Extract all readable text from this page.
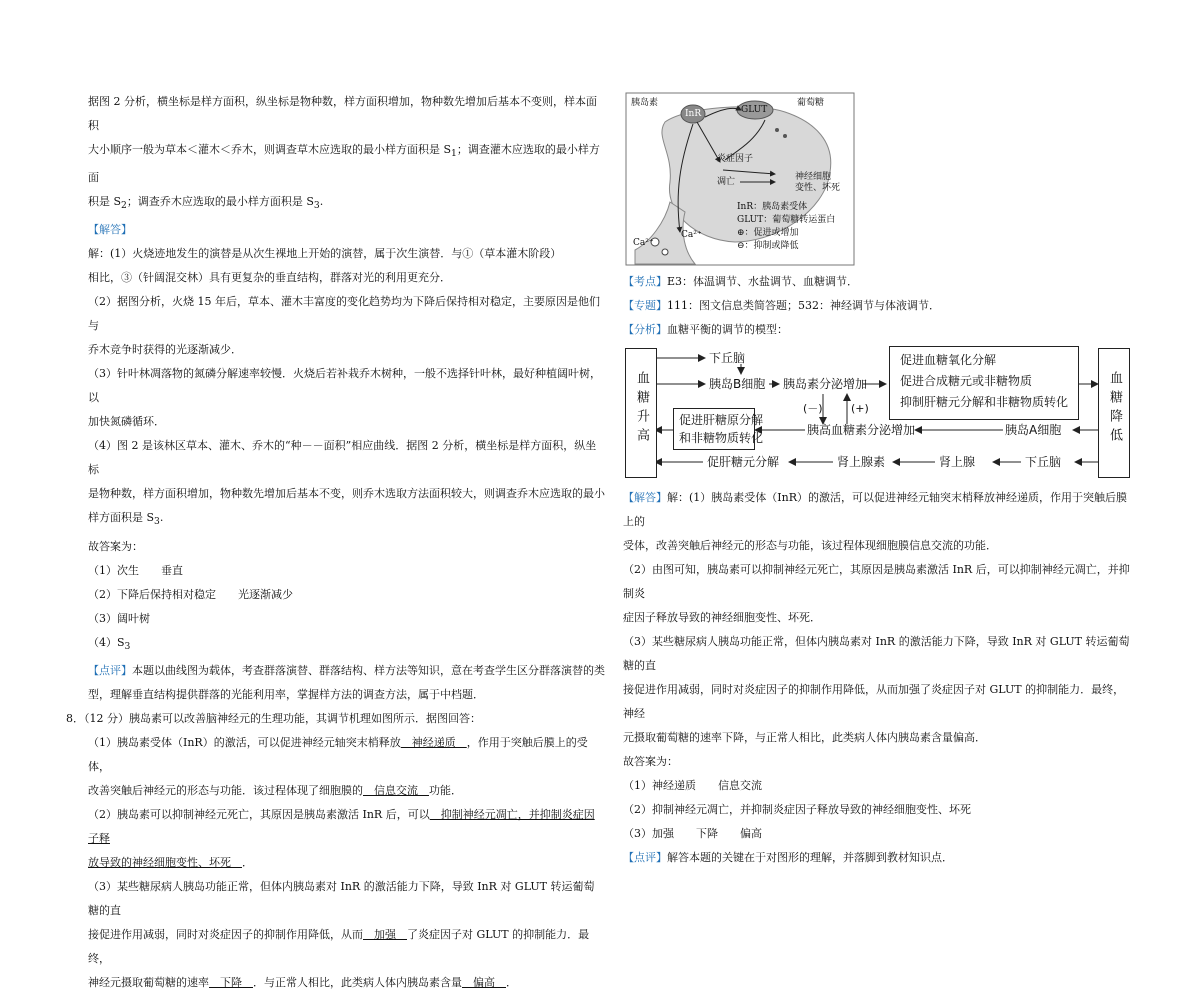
据图 2 分析，横坐标是样方面积，纵坐标是物种数，样方面积增加，物种数先增加后基本不变则，样本面积

大小顺序一般为草本＜灌木＜乔木，则调查草木应选取的最小样方面积是 $S_1$；调查灌木应选取的最小样方面

积是 $S_2$；调查乔木应选取的最小样方面积是 $S_3$.

【解答】解：(1）火烧迹地发生的演替是从次生裸地上开始的演替，属于次生演替．与①（草本灌木阶段）

相比，③（针阔混交林）具有更复杂的垂直结构，群落对光的利用更充分．

（2）据图分析，火烧 15 年后，草本、灌木丰富度的变化趋势均为下降后保持相对稳定，主要原因是他们与

乔木竞争时获得的光逐渐减少．

（3）针叶林凋落物的氮磷分解速率较慢．火烧后若补栽乔木树种，一般不选择针叶林，最好种植阔叶树，以

加快氮磷循环．

（4）图 2 是该林区草本、灌木、乔木的“种－－面积”相应曲线．据图 2 分析，横坐标是样方面积，纵坐标

是物种数，样方面积增加，物种数先增加后基本不变，则乔木选取方法面积较大，则调查乔木应选取的最小

样方面积是 $S_3$.

故答案为：

（1）次生　　垂直

（2）下降后保持相对稳定　　光逐渐减少

（3）阔叶树

$(4)S_3$

【点评】本题以曲线图为载体，考查群落演替、群落结构、样方法等知识，意在考查学生区分群落演替的类

型，理解垂直结构提供群落的光能利用率，掌握样方法的调查方法，属于中档题．

8．（12 分）胰岛素可以改善脑神经元的生理功能，其调节机理如图所示．据图回答：

（1）胰岛素受体（InR）的激活，可以促进神经元轴突末梢释放　神经递质　，作用于突触后膜上的受体，

改善突触后神经元的形态与功能．该过程体现了细胞膜的　信息交流　功能．

（2）胰岛素可以抑制神经元死亡，其原因是胰岛素激活 InR 后，可以　抑制神经元凋亡，并抑制炎症因子释

放导致的神经细胞变性、坏死　．

（3）某些糖尿病人胰岛功能正常，但体内胰岛素对 InR 的激活能力下降，导致 InR 对 GLUT 转运葡萄糖的直

接促进作用减弱，同时对炎症因子的抑制作用降低，从而　加强　了炎症因子对 GLUT 的抑制能力．最终，

神经元摄取葡萄糖的速率　下降　．与正常人相比，此类病人体内胰岛素含量　偏高　．

胰岛素
InR	GLUT
葡萄糖
炎症因子
凋亡	神经细胞
变性、坏死
InR：胰岛素受体
GLUT：葡萄糖转运蛋白
⊕：促进或增加
⊖：抑制或降低
Ca²⁺
Ca²⁺

【考点】E3：体温调节、水盐调节、血糖调节．

【专题】111：图文信息类简答题；532：神经调节与体液调节．

【分析】血糖平衡的调节的模型：

血糖升高	血糖降低
下丘脑
胰岛B细胞 胰岛素分泌增加
促进血糖氧化分解
促进合成糖元或非糖物质
抑制肝糖元分解和非糖物质转化
(－)	(+)
促进肝糖原分解
和非糖物质转化
胰高血糖素分泌增加	胰岛A细胞
促肝糖元分解	肾上腺素	肾上腺	下丘脑

【解答】解：(1）胰岛素受体（InR）的激活，可以促进神经元轴突末梢释放神经递质，作用于突触后膜上的

受体，改善突触后神经元的形态与功能，该过程体现细胞膜信息交流的功能．

（2）由图可知，胰岛素可以抑制神经元死亡，其原因是胰岛素激活 InR 后，可以抑制神经元凋亡，并抑制炎

症因子释放导致的神经细胞变性、坏死．

（3）某些糖尿病人胰岛功能正常，但体内胰岛素对 InR 的激活能力下降，导致 InR 对 GLUT 转运葡萄糖的直

接促进作用减弱，同时对炎症因子的抑制作用降低，从而加强了炎症因子对 GLUT 的抑制能力．最终，神经

元摄取葡萄糖的速率下降，与正常人相比，此类病人体内胰岛素含量偏高．

故答案为：

（1）神经递质　　信息交流

（2）抑制神经元凋亡，并抑制炎症因子释放导致的神经细胞变性、坏死

（3）加强　　下降　　偏高

【点评】解答本题的关键在于对图形的理解，并落脚到教材知识点．
